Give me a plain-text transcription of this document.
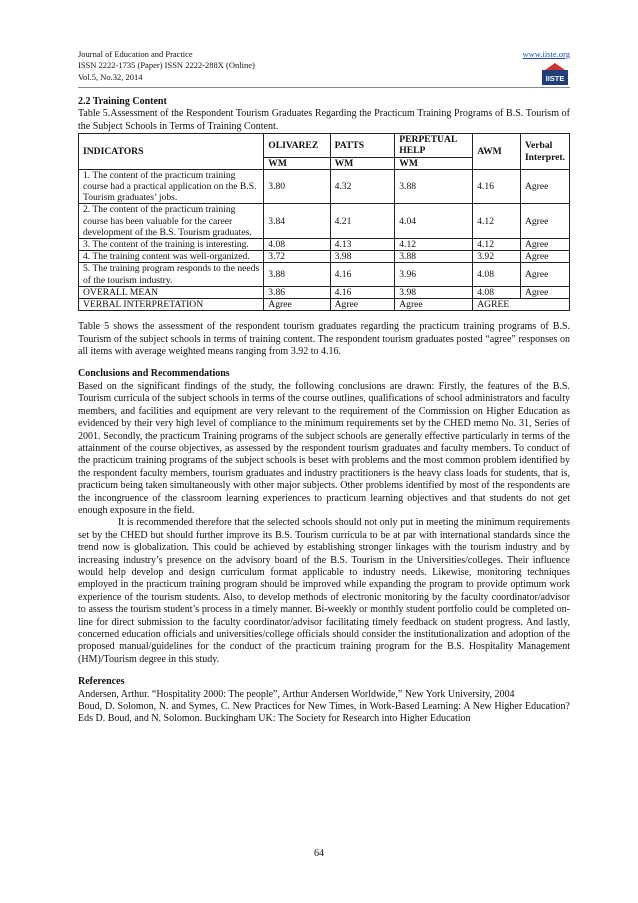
Journal of Education and Practice
ISSN 2222-1735 (Paper) ISSN 2222-288X (Online)
Vol.5, No.32, 2014
www.iiste.org
IISTE
2.2 Training Content

Table 5.Assessment of the Respondent Tourism Graduates Regarding the Practicum Training Programs of B.S. Tourism of the Subject Schools in Terms of Training Content.

INDICATORS	OLIVAREZ	PATTS	PERPETUAL HELP	AWM	Verbal Interpret.
	WM	WM	WM		
1. The content of the practicum training course had a practical application on the B.S. Tourism graduates’ jobs.	3.80	4.32	3.88	4.16	Agree
2. The content of the practicum training course has been valuable for the career development of the B.S. Tourism graduates.	3.84	4.21	4.04	4.12	Agree
3. The content of the training is interesting.	4.08	4.13	4.12	4.12	Agree
4. The training content was well-organized.	3.72	3.98	3.88	3.92	Agree
5. The training program responds to the needs of the tourism industry.	3.88	4.16	3.96	4.08	Agree
OVERALL MEAN	3.86	4.16	3.98	4.08	Agree
VERBAL INTERPRETATION	Agree	Agree	Agree	AGREE	

Table 5 shows the assessment of the respondent tourism graduates regarding the practicum training programs of B.S. Tourism of the subject schools in terms of training content. The respondent tourism graduates posted “agree” responses on all items with average weighted means ranging from 3.92 to 4.16.

Conclusions and Recommendations

Based on the significant findings of the study, the following conclusions are drawn: Firstly, the features of the B.S. Tourism curricula of the subject schools in terms of the course outlines, qualifications of school administrators and faculty members, and facilities and equipment are very relevant to the requirement of the Commission on Higher Education as evidenced by their very high level of compliance to the minimum requirements set by the CHED memo No. 31, Series of 2001. Secondly, the practicum Training programs of the subject schools are generally effective particularly in terms of the attainment of the course objectives, as assessed by the respondent tourism graduates and faculty members. To conduct of the practicum training programs of the subject schools is beset with problems and the most common problem identified by the respondent faculty members, tourism graduates and industry practitioners is the heavy class loads for students, that is, practicum being taken simultaneously with other major subjects. Other problems identified by most of the respondents are the incongruence of the classroom learning experiences to practicum learning objectives and that students do not get enough exposure in the field.

It is recommended therefore that the selected schools should not only put in meeting the minimum requirements set by the CHED but should further improve its B.S. Tourism curricula to be at par with international standards since the trend now is globalization. This could be achieved by establishing stronger linkages with the tourism industry and by increasing industry’s presence on the advisory board of the B.S. Tourism in the Universities/colleges. Their influence would help develop and design curriculum format applicable to industry needs. Likewise, monitoring techniques employed in the practicum training program should be improved while expanding the program to provide optimum work experience of the tourism students. Also, to develop methods of electronic monitoring by the faculty coordinator/advisor to assess the tourism student’s process in a timely manner. Bi-weekly or monthly student portfolio could be completed on-line for direct submission to the faculty coordinator/advisor facilitating timely feedback on student progress. And lastly, concerned education officials and universities/college officials should consider the institutionalization and adoption of the proposed manual/guidelines for the conduct of the practicum training program for the B.S. Hospitality Management (HM)/Tourism degree in this study.

References

Andersen, Arthur. “Hospitality 2000: The people”, Arthur Andersen Worldwide,” New York University, 2004

Boud, D. Solomon, N. and Symes, C. New Practices for New Times, in Work-Based Learning: A New Higher Education? Eds D. Boud, and N. Solomon. Buckingham UK: The Society for Research into Higher Education

64
